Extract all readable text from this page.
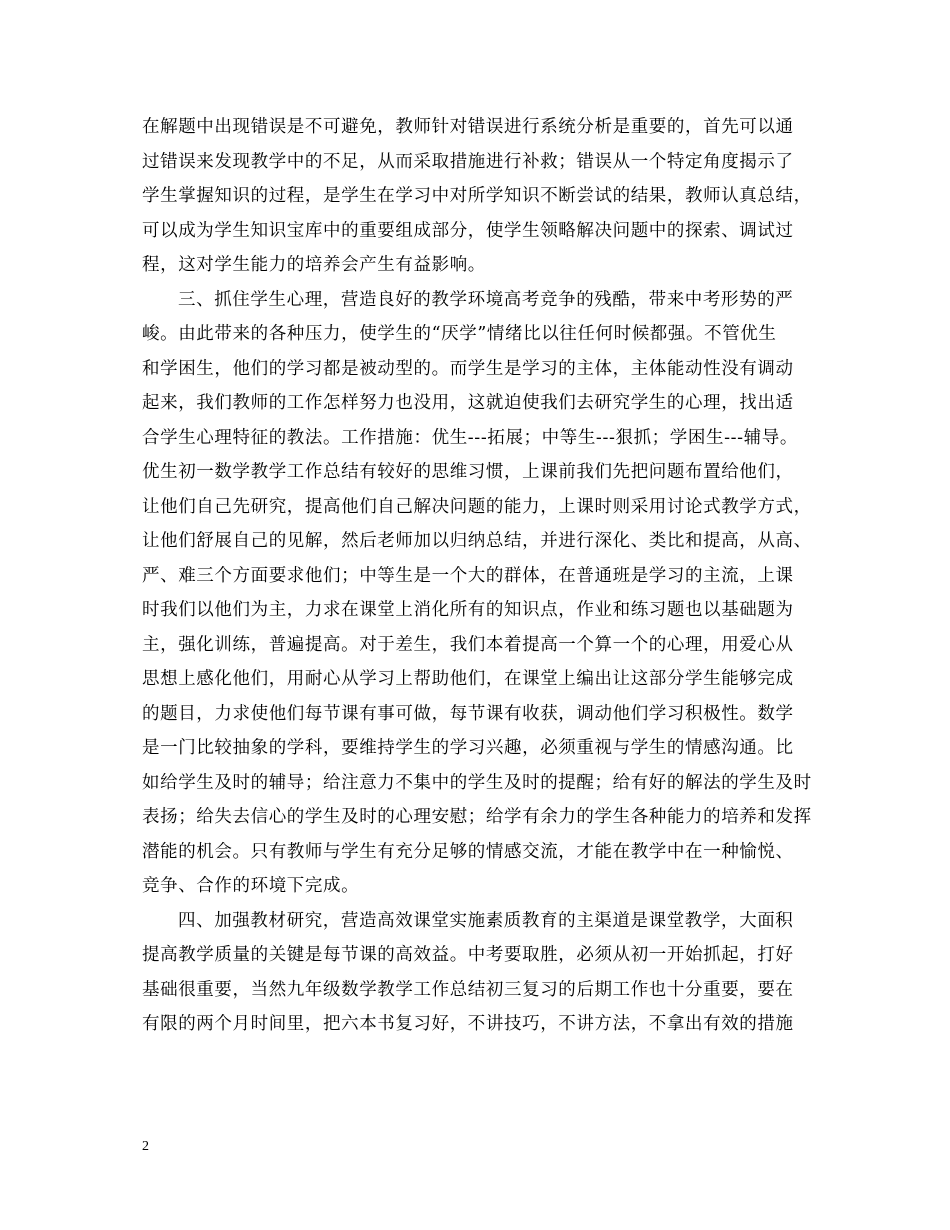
在解题中出现错误是不可避免，教师针对错误进行系统分析是重要的，首先可以通
过错误来发现教学中的不足，从而采取措施进行补救；错误从一个特定角度揭示了
学生掌握知识的过程，是学生在学习中对所学知识不断尝试的结果，教师认真总结，
可以成为学生知识宝库中的重要组成部分，使学生领略解决问题中的探索、调试过
程，这对学生能力的培养会产生有益影响。
三、抓住学生心理，营造良好的教学环境高考竞争的残酷，带来中考形势的严
峻。由此带来的各种压力，使学生的“厌学”情绪比以往任何时候都强。不管优生
和学困生，他们的学习都是被动型的。而学生是学习的主体，主体能动性没有调动
起来，我们教师的工作怎样努力也没用，这就迫使我们去研究学生的心理，找出适
合学生心理特征的教法。工作措施：优生---拓展；中等生---狠抓；学困生---辅导。
优生初一数学教学工作总结有较好的思维习惯，上课前我们先把问题布置给他们，
让他们自己先研究，提高他们自己解决问题的能力，上课时则采用讨论式教学方式，
让他们舒展自己的见解，然后老师加以归纳总结，并进行深化、类比和提高，从高、
严、难三个方面要求他们；中等生是一个大的群体，在普通班是学习的主流，上课
时我们以他们为主，力求在课堂上消化所有的知识点，作业和练习题也以基础题为
主，强化训练，普遍提高。对于差生，我们本着提高一个算一个的心理，用爱心从
思想上感化他们，用耐心从学习上帮助他们，在课堂上编出让这部分学生能够完成
的题目，力求使他们每节课有事可做，每节课有收获，调动他们学习积极性。数学
是一门比较抽象的学科，要维持学生的学习兴趣，必须重视与学生的情感沟通。比
如给学生及时的辅导；给注意力不集中的学生及时的提醒；给有好的解法的学生及时
表扬；给失去信心的学生及时的心理安慰；给学有余力的学生各种能力的培养和发挥
潜能的机会。只有教师与学生有充分足够的情感交流，才能在教学中在一种愉悦、
竞争、合作的环境下完成。
四、加强教材研究，营造高效课堂实施素质教育的主渠道是课堂教学，大面积
提高教学质量的关键是每节课的高效益。中考要取胜，必须从初一开始抓起，打好
基础很重要，当然九年级数学教学工作总结初三复习的后期工作也十分重要，要在
有限的两个月时间里，把六本书复习好，不讲技巧，不讲方法，不拿出有效的措施
2
